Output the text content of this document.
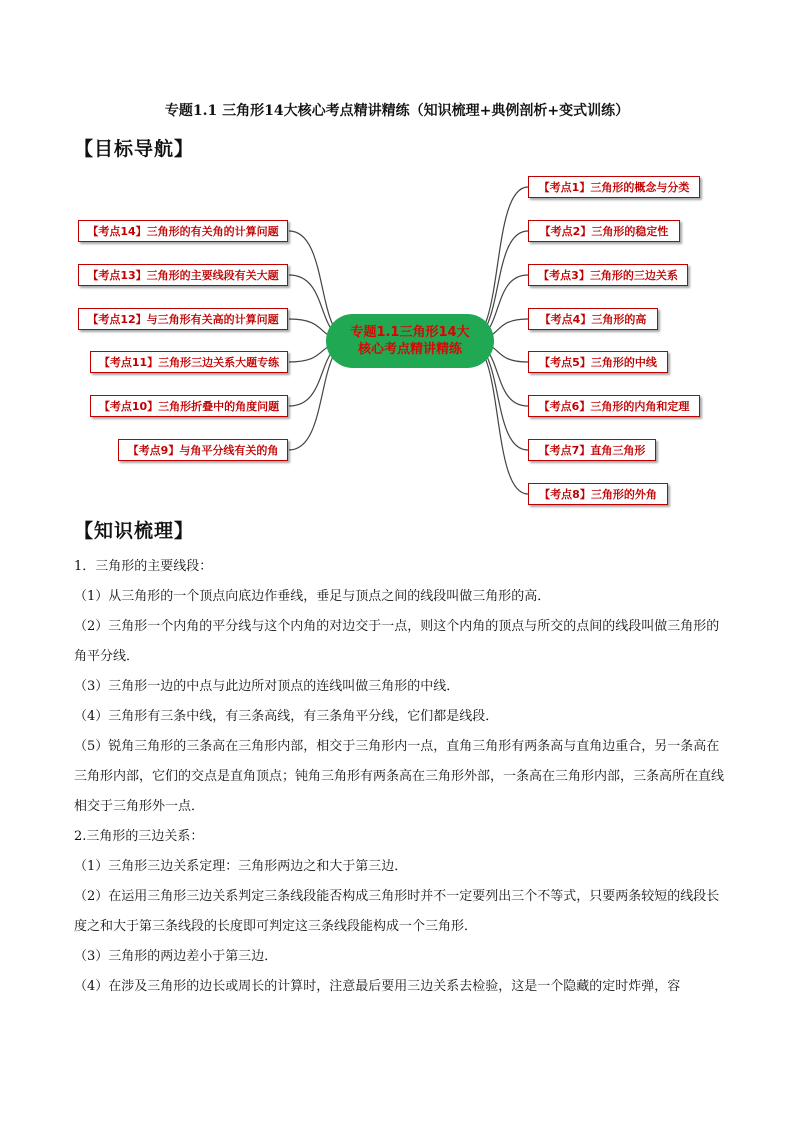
专题1.1 三角形14大核心考点精讲精练（知识梳理+典例剖析+变式训练）
【目标导航】
【考点1】三角形的概念与分类
【考点2】三角形的稳定性
【考点3】三角形的三边关系
【考点4】三角形的高
【考点5】三角形的中线
【考点6】三角形的内角和定理
【考点7】直角三角形
【考点8】三角形的外角
【考点14】三角形的有关角的计算问题
【考点13】三角形的主要线段有关大题
【考点12】与三角形有关高的计算问题
【考点11】三角形三边关系大题专练
【考点10】三角形折叠中的角度问题
【考点9】与角平分线有关的角
专题1.1三角形14大
核心考点精讲精练
【知识梳理】

1．三角形的主要线段：

（1）从三角形的一个顶点向底边作垂线，垂足与顶点之间的线段叫做三角形的高．

（2）三角形一个内角的平分线与这个内角的对边交于一点，则这个内角的顶点与所交的点间的线段叫做三角形的角平分线．

（3）三角形一边的中点与此边所对顶点的连线叫做三角形的中线．

（4）三角形有三条中线，有三条高线，有三条角平分线，它们都是线段．

（5）锐角三角形的三条高在三角形内部，相交于三角形内一点，直角三角形有两条高与直角边重合，另一条高在三角形内部，它们的交点是直角顶点；钝角三角形有两条高在三角形外部，一条高在三角形内部，三条高所在直线相交于三角形外一点．

2.三角形的三边关系：

（1）三角形三边关系定理：三角形两边之和大于第三边．

（2）在运用三角形三边关系判定三条线段能否构成三角形时并不一定要列出三个不等式，只要两条较短的线段长度之和大于第三条线段的长度即可判定这三条线段能构成一个三角形．

（3）三角形的两边差小于第三边．

（4）在涉及三角形的边长或周长的计算时，注意最后要用三边关系去检验，这是一个隐藏的定时炸弹，容
